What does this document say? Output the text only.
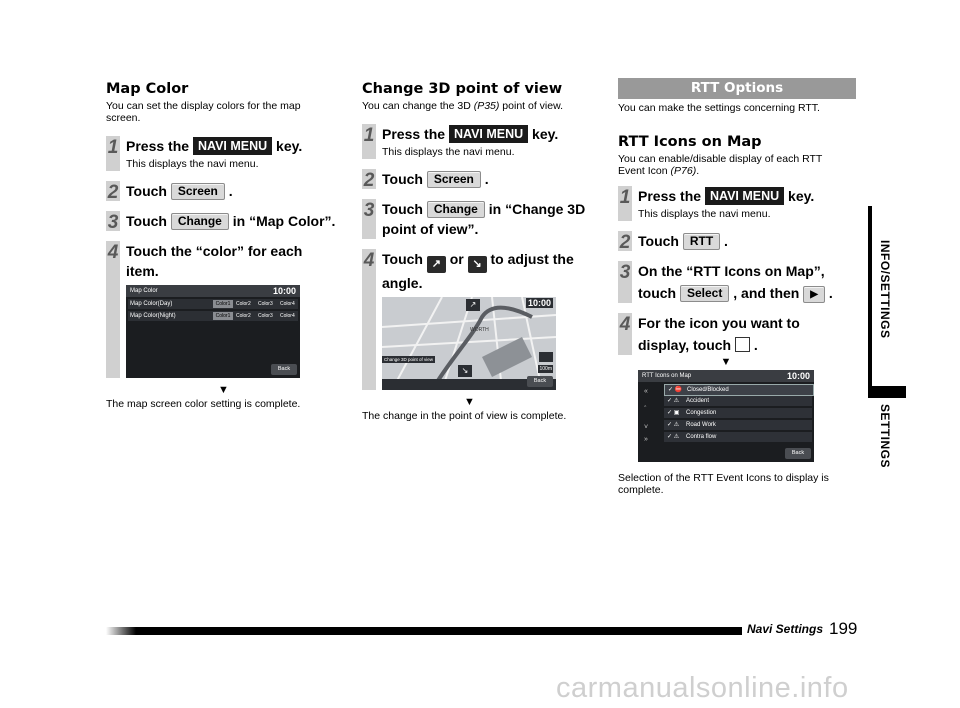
Map Color

You can set the display colors for the map screen.

1 Press the NAVI MENU key.
This displays the navi menu.
2 Touch Screen .
3 Touch Change in “Map Color”.
4 Touch the “color” for each item.
Map Color	10:00
Map Color(Day)	Color1	Color2 Color3 Color4
Map Color(Night)	Color1	Color2 Color3 Color4
Back
▼
The map screen color setting is complete.
Change 3D point of view

You can change the 3D (P35) point of view.

1 Press the NAVI MENU key.
This displays the navi menu.
2 Touch Screen .
3 Touch Change in “Change 3D point of view”.
4 Touch ↗ or ↘ to adjust the angle.
10:00
WORTH
Change 3D point of view
↗
↘	100m
Back
▼
The change in the point of view is complete.
RTT Options

You can make the settings concerning RTT.

RTT Icons on Map

You can enable/disable display of each RTT Event Icon (P76).

1 Press the NAVI MENU key.
This displays the navi menu.
2 Touch RTT .
3 On the “RTT Icons on Map”,
touch Select , and then ▶ .
4 For the icon you want to
display, touch  .
▼
RTT Icons on Map	10:00
«
‸

˅
»
✓ ⛔ Closed/Blocked
✓ ⚠ Accident
✓ ▣ Congestion
✓ ⚠ Road Work
✓ ⚠ Contra flow
Back
Selection of the RTT Event Icons to display is complete.
INFO/SETTINGS
SETTINGS
Navi Settings 199
carmanualsonline.info
